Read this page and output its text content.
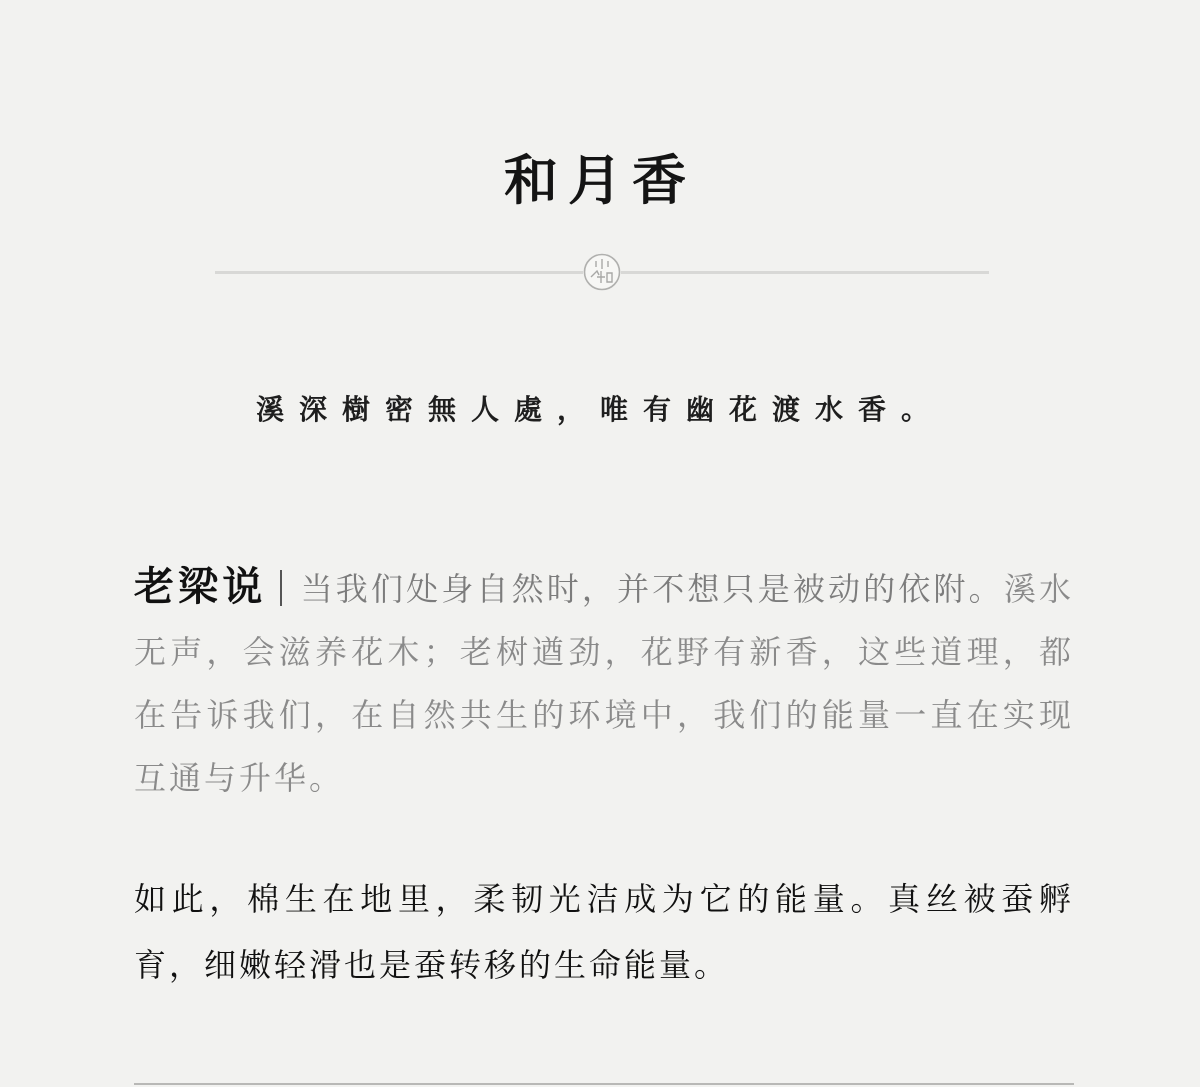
和月香
溪深樹密無人處，唯有幽花渡水香。

老梁说 当我们处身自然时，并不想只是被动的依附。溪水无声，会滋养花木；老树遒劲，花野有新香，这些道理，都在告诉我们，在自然共生的环境中，我们的能量一直在实现互通与升华。

如此，棉生在地里，柔韧光洁成为它的能量。真丝被蚕孵育，细嫩轻滑也是蚕转移的生命能量。
